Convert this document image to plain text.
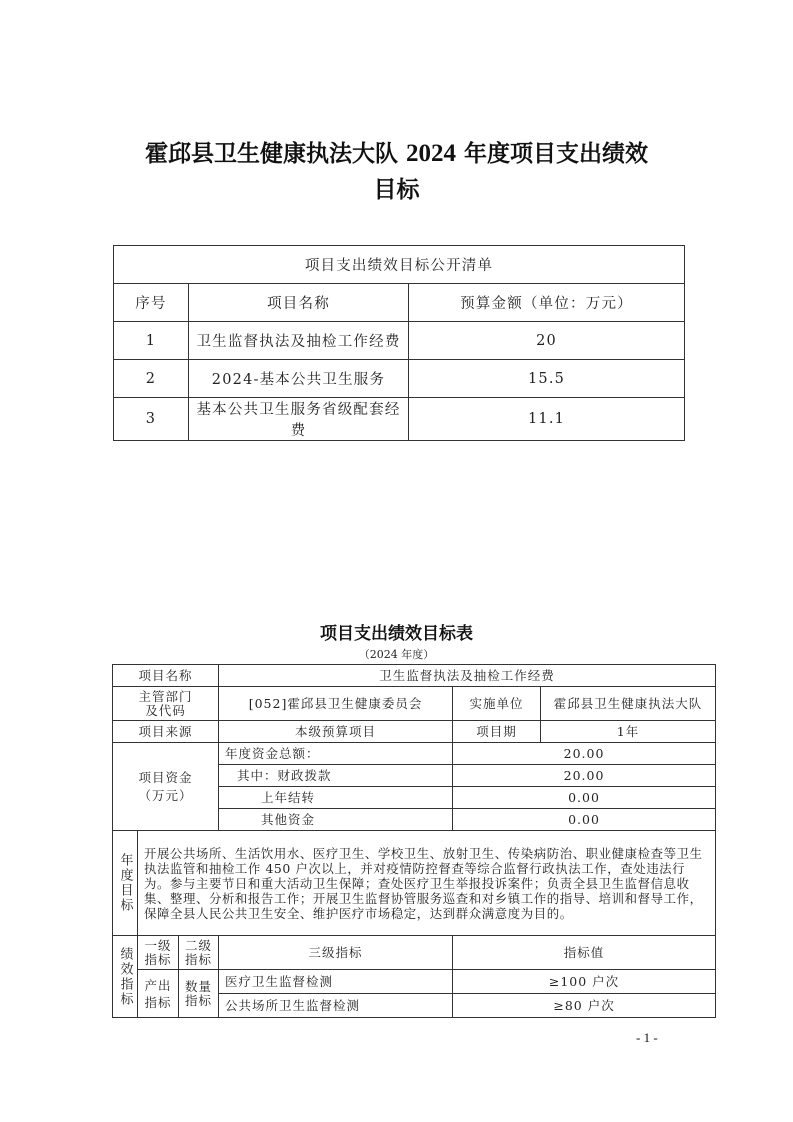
霍邱县卫生健康执法大队 2024 年度项目支出绩效
目标
项目支出绩效目标公开清单		
序号	项目名称	预算金额（单位：万元）
1	卫生监督执法及抽检工作经费	20
2	2024-基本公共卫生服务	15.5
3	基本公共卫生服务省级配套经费	11.1
项目支出绩效目标表
（2024 年度）
项目名称			卫生监督执法及抽检工作经费		

主管部门及代码			[052]霍邱县卫生健康委员会	实施单位	霍邱县卫生健康执法大队
项目来源			本级预算项目	项目期	1年

项目资金
（万元）			年度资金总额：	20.00	
			其中：财政拨款	20.00	
			上年结转	0.00	
			其他资金	0.00	

年度目标	开展公共场所、生活饮用水、医疗卫生、学校卫生、放射卫生、传染病防治、职业健康检查等卫生执法监管和抽检工作 450 户次以上，并对疫情防控督查等综合监督行政执法工作，查处违法行为。参与主要节日和重大活动卫生保障；查处医疗卫生举报投诉案件；负责全县卫生监督信息收集、整理、分析和报告工作；开展卫生监督协管服务巡查和对乡镇工作的指导、培训和督导工作，保障全县人民公共卫生安全、维护医疗市场稳定，达到群众满意度为目的。				

绩效指标	一级指标	二级指标	三级指标	指标值	

	产出指标	数量指标	医疗卫生监督检测	≥100 户次	
			公共场所卫生监督检测	≥80 户次	
- 1 -
